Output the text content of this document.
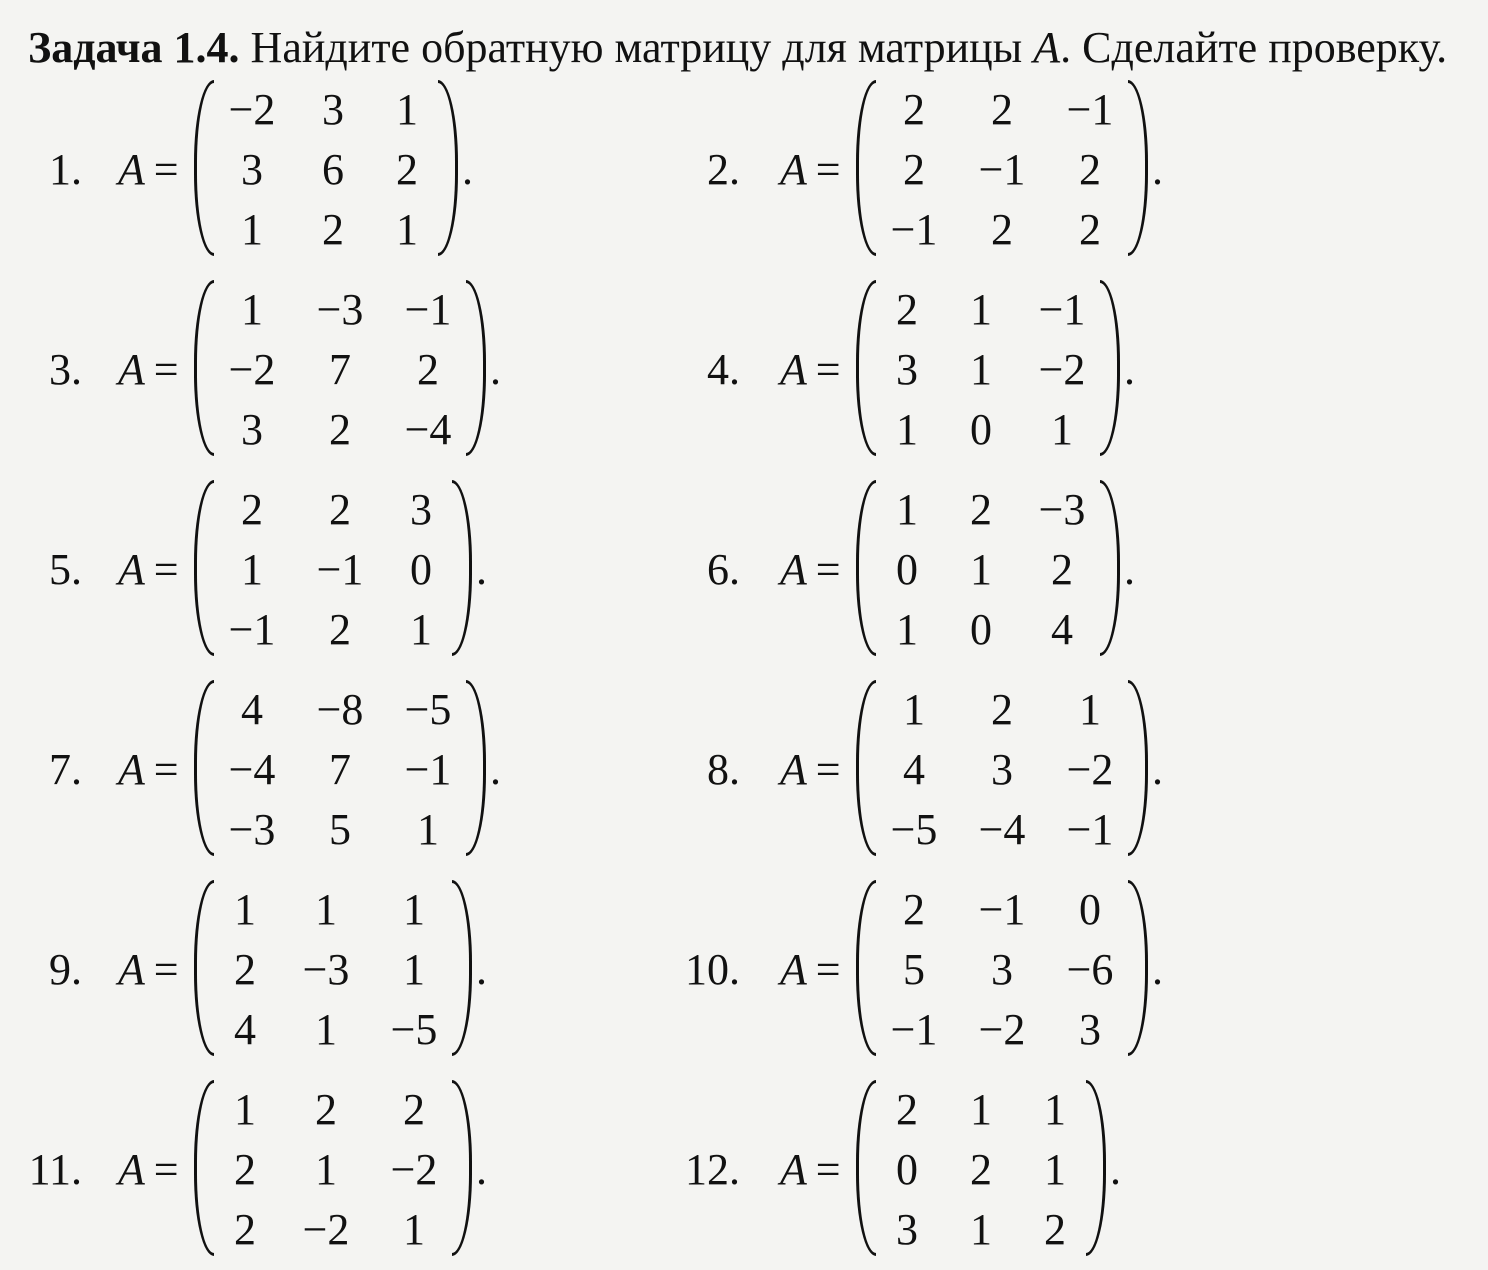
Задача 1.4. Найдите обратную матрицу для матрицы A. Сделайте проверку.
1. A =
−2	3	1
3	6	2
1	2	1
.	2. A =
2	2	−1
2	−1	2
−1	2	2
.
3. A =
1	−3 −1
−2	7	2
3	2	−4
.	4. A =
2	1	−1
3	1	−2
1	0	1
.
5. A =
2	2	3
1	−1	0
−1	2	1
.	6. A =
1	2	−3
0	1	2
1	0	4
.
7. A =
4	−8 −5
−4	7	−1
−3	5	1
.	8. A =
1	2	1
4	3	−2
−5 −4 −1
.
9. A =
1	1	1
2	−3	1
4	1	−5
.	10. A =
2	−1	0
5	3	−6
−1 −2	3
.
11. A =
1	2	2
2	1	−2
2	−2	1
.	12. A =
2	1	1
0	2	1
3	1	2
.
